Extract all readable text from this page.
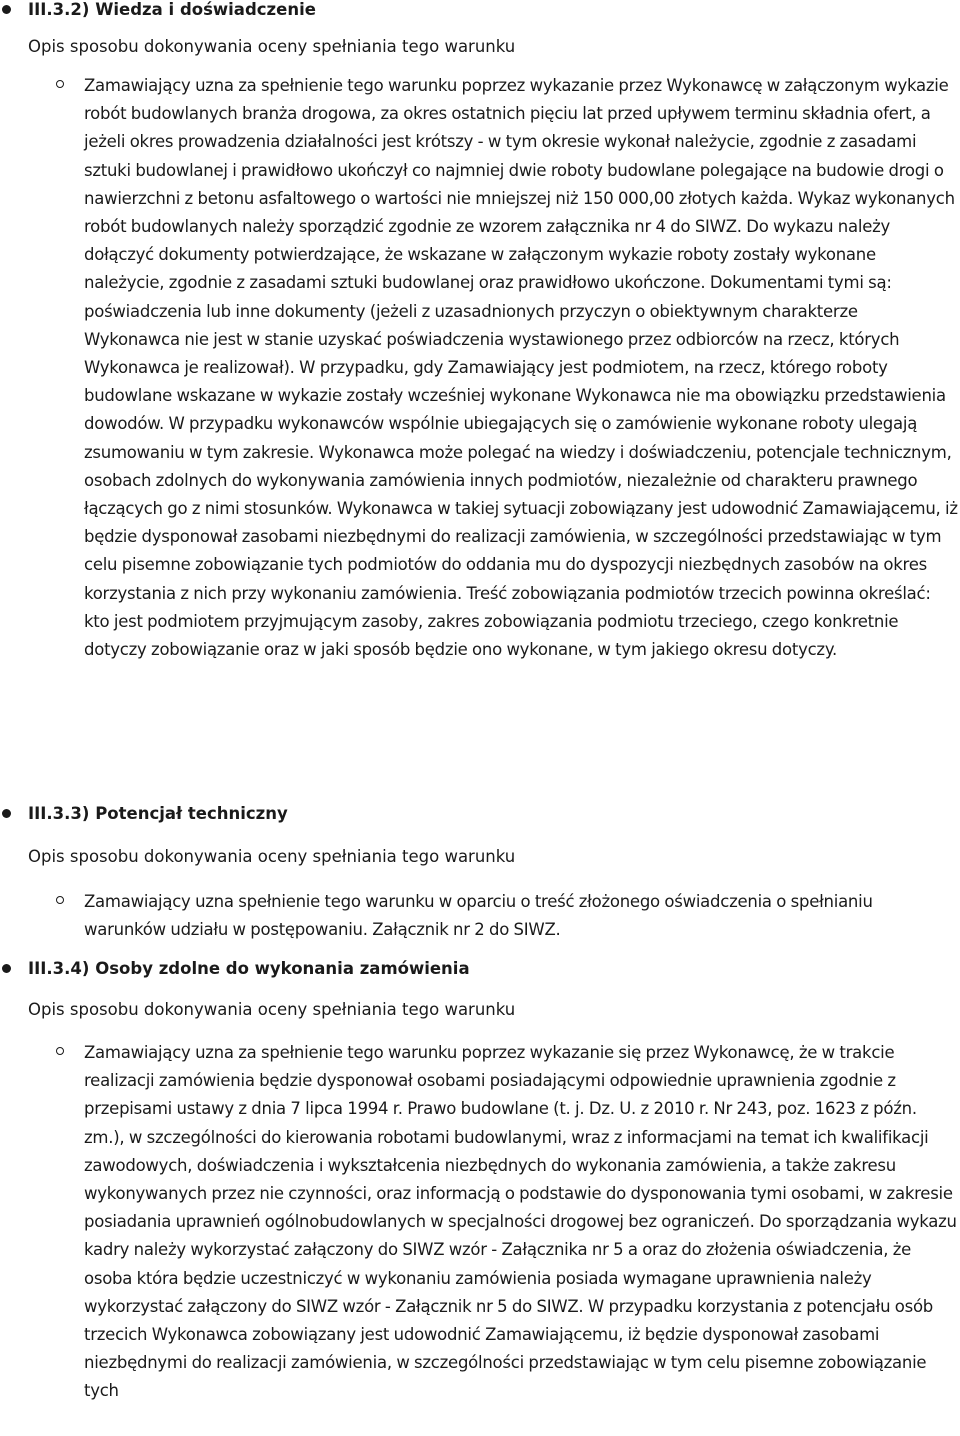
III.3.2) Wiedza i doświadczenie
Opis sposobu dokonywania oceny spełniania tego warunku

Zamawiający uzna za spełnienie tego warunku poprzez wykazanie przez Wykonawcę w załączonym wykazie robót budowlanych branża drogowa, za okres ostatnich pięciu lat przed upływem terminu składnia ofert, a jeżeli okres prowadzenia działalności jest krótszy - w tym okresie wykonał należycie, zgodnie z zasadami sztuki budowlanej i prawidłowo ukończył co najmniej dwie roboty budowlane polegające na budowie drogi o nawierzchni z betonu asfaltowego o wartości nie mniejszej niż 150 000,00 złotych każda. Wykaz wykonanych robót budowlanych należy sporządzić zgodnie ze wzorem załącznika nr 4 do SIWZ. Do wykazu należy dołączyć dokumenty potwierdzające, że wskazane w załączonym wykazie roboty zostały wykonane należycie, zgodnie z zasadami sztuki budowlanej oraz prawidłowo ukończone. Dokumentami tymi są: poświadczenia lub inne dokumenty (jeżeli z uzasadnionych przyczyn o obiektywnym charakterze Wykonawca nie jest w stanie uzyskać poświadczenia wystawionego przez odbiorców na rzecz, których Wykonawca je realizował). W przypadku, gdy Zamawiający jest podmiotem, na rzecz, którego roboty budowlane wskazane w wykazie zostały wcześniej wykonane Wykonawca nie ma obowiązku przedstawienia dowodów. W przypadku wykonawców wspólnie ubiegających się o zamówienie wykonane roboty ulegają zsumowaniu w tym zakresie. Wykonawca może polegać na wiedzy i doświadczeniu, potencjale technicznym, osobach zdolnych do wykonywania zamówienia innych podmiotów, niezależnie od charakteru prawnego łączących go z nimi stosunków. Wykonawca w takiej sytuacji zobowiązany jest udowodnić Zamawiającemu, iż będzie dysponował zasobami niezbędnymi do realizacji zamówienia, w szczególności przedstawiając w tym celu pisemne zobowiązanie tych podmiotów do oddania mu do dyspozycji niezbędnych zasobów na okres korzystania z nich przy wykonaniu zamówienia. Treść zobowiązania podmiotów trzecich powinna określać: kto jest podmiotem przyjmującym zasoby, zakres zobowiązania podmiotu trzeciego, czego konkretnie dotyczy zobowiązanie oraz w jaki sposób będzie ono wykonane, w tym jakiego okresu dotyczy.

III.3.3) Potencjał techniczny
Opis sposobu dokonywania oceny spełniania tego warunku

Zamawiający uzna spełnienie tego warunku w oparciu o treść złożonego oświadczenia o spełnianiu warunków udziału w postępowaniu. Załącznik nr 2 do SIWZ.

III.3.4) Osoby zdolne do wykonania zamówienia
Opis sposobu dokonywania oceny spełniania tego warunku

Zamawiający uzna za spełnienie tego warunku poprzez wykazanie się przez Wykonawcę, że w trakcie realizacji zamówienia będzie dysponował osobami posiadającymi odpowiednie uprawnienia zgodnie z przepisami ustawy z dnia 7 lipca 1994 r. Prawo budowlane (t. j. Dz. U. z 2010 r. Nr 243, poz. 1623 z późn. zm.), w szczególności do kierowania robotami budowlanymi, wraz z informacjami na temat ich kwalifikacji zawodowych, doświadczenia i wykształcenia niezbędnych do wykonania zamówienia, a także zakresu wykonywanych przez nie czynności, oraz informacją o podstawie do dysponowania tymi osobami, w zakresie posiadania uprawnień ogólnobudowlanych w specjalności drogowej bez ograniczeń. Do sporządzania wykazu kadry należy wykorzystać załączony do SIWZ wzór - Załącznika nr 5 a oraz do złożenia oświadczenia, że osoba która będzie uczestniczyć w wykonaniu zamówienia posiada wymagane uprawnienia należy wykorzystać załączony do SIWZ wzór - Załącznik nr 5 do SIWZ. W przypadku korzystania z potencjału osób trzecich Wykonawca zobowiązany jest udowodnić Zamawiającemu, iż będzie dysponował zasobami niezbędnymi do realizacji zamówienia, w szczególności przedstawiając w tym celu pisemne zobowiązanie tych
